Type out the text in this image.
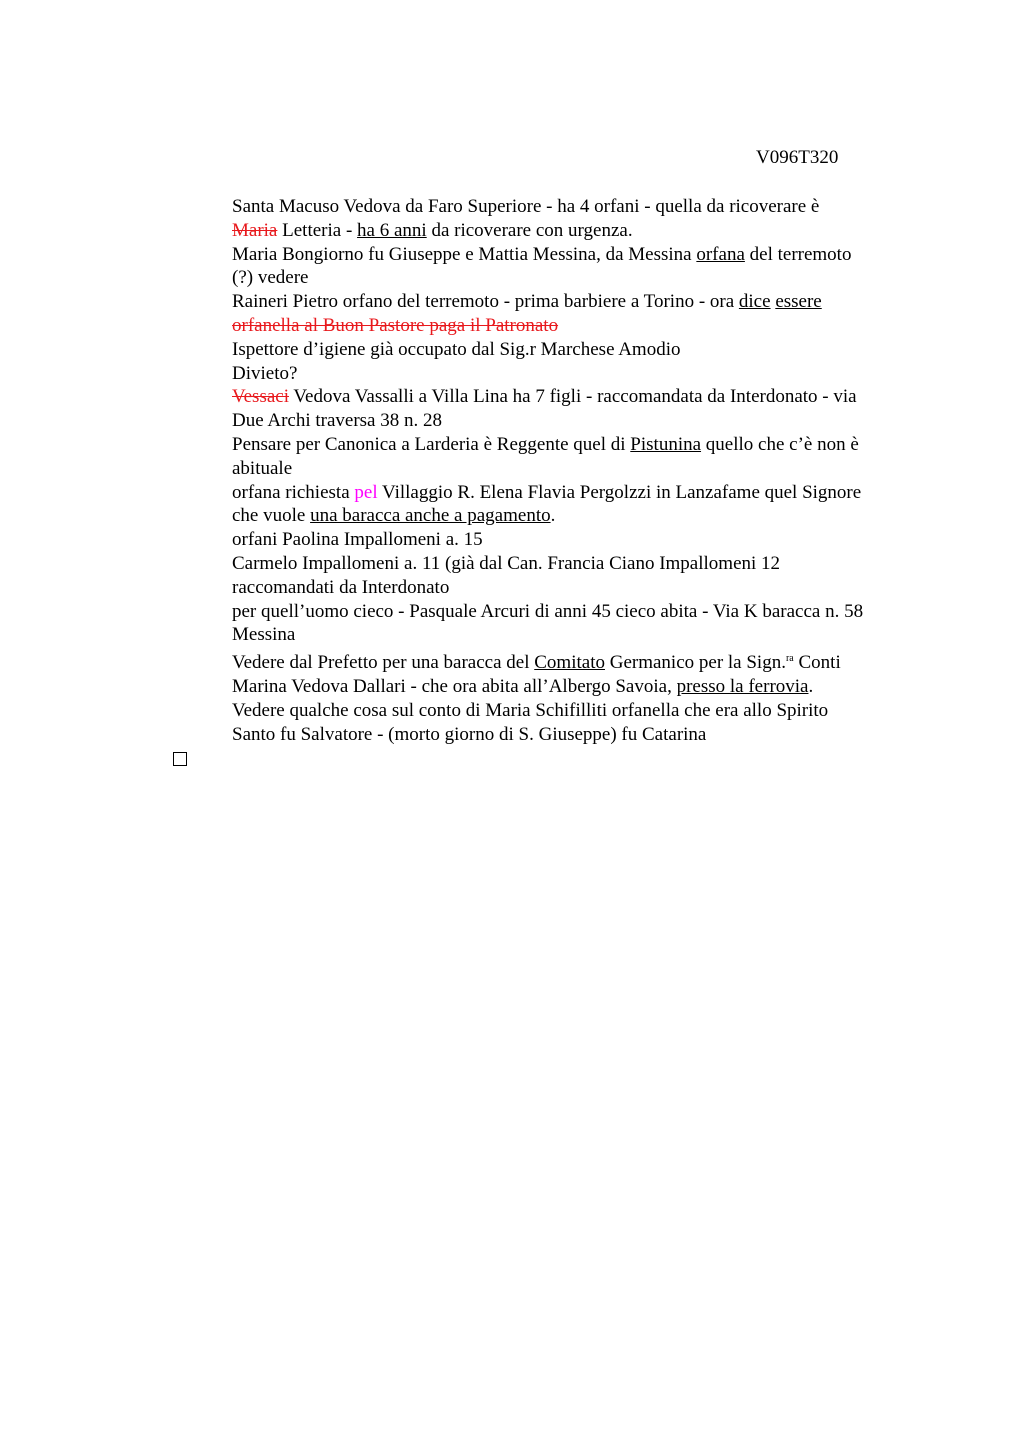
V096T320

Santa Macuso Vedova da Faro Superiore - ha 4 orfani - quella da ricoverare è
Maria Letteria - ha 6 anni da ricoverare con urgenza.

Maria Bongiorno fu Giuseppe e Mattia Messina, da Messina orfana del terremoto
(?) vedere

Raineri Pietro orfano del terremoto - prima barbiere a Torino - ora dice essere

orfanella al Buon Pastore paga il Patronato

Ispettore d’igiene già occupato dal Sig.r Marchese Amodio

Divieto?

Vessaci Vedova Vassalli a Villa Lina ha 7 figli - raccomandata da Interdonato - via
Due Archi traversa 38 n. 28

Pensare per Canonica a Larderia è Reggente quel di Pistunina quello che c’è non è
abituale

orfana richiesta pel Villaggio R. Elena Flavia Pergolzzi in Lanzafame quel Signore
che vuole una baracca anche a pagamento.

orfani Paolina Impallomeni a. 15

Carmelo Impallomeni a. 11 (già dal Can. Francia Ciano Impallomeni 12
raccomandati da Interdonato

per quell’uomo cieco - Pasquale Arcuri di anni 45 cieco abita - Via K baracca n. 58
Messina

Vedere dal Prefetto per una baracca del Comitato Germanico per la Sign.$^{ra}$ Conti
Marina Vedova Dallari - che ora abita all’Albergo Savoia, presso la ferrovia.

Vedere qualche cosa sul conto di Maria Schifilliti orfanella che era allo Spirito
Santo fu Salvatore - (morto giorno di S. Giuseppe) fu Catarina
